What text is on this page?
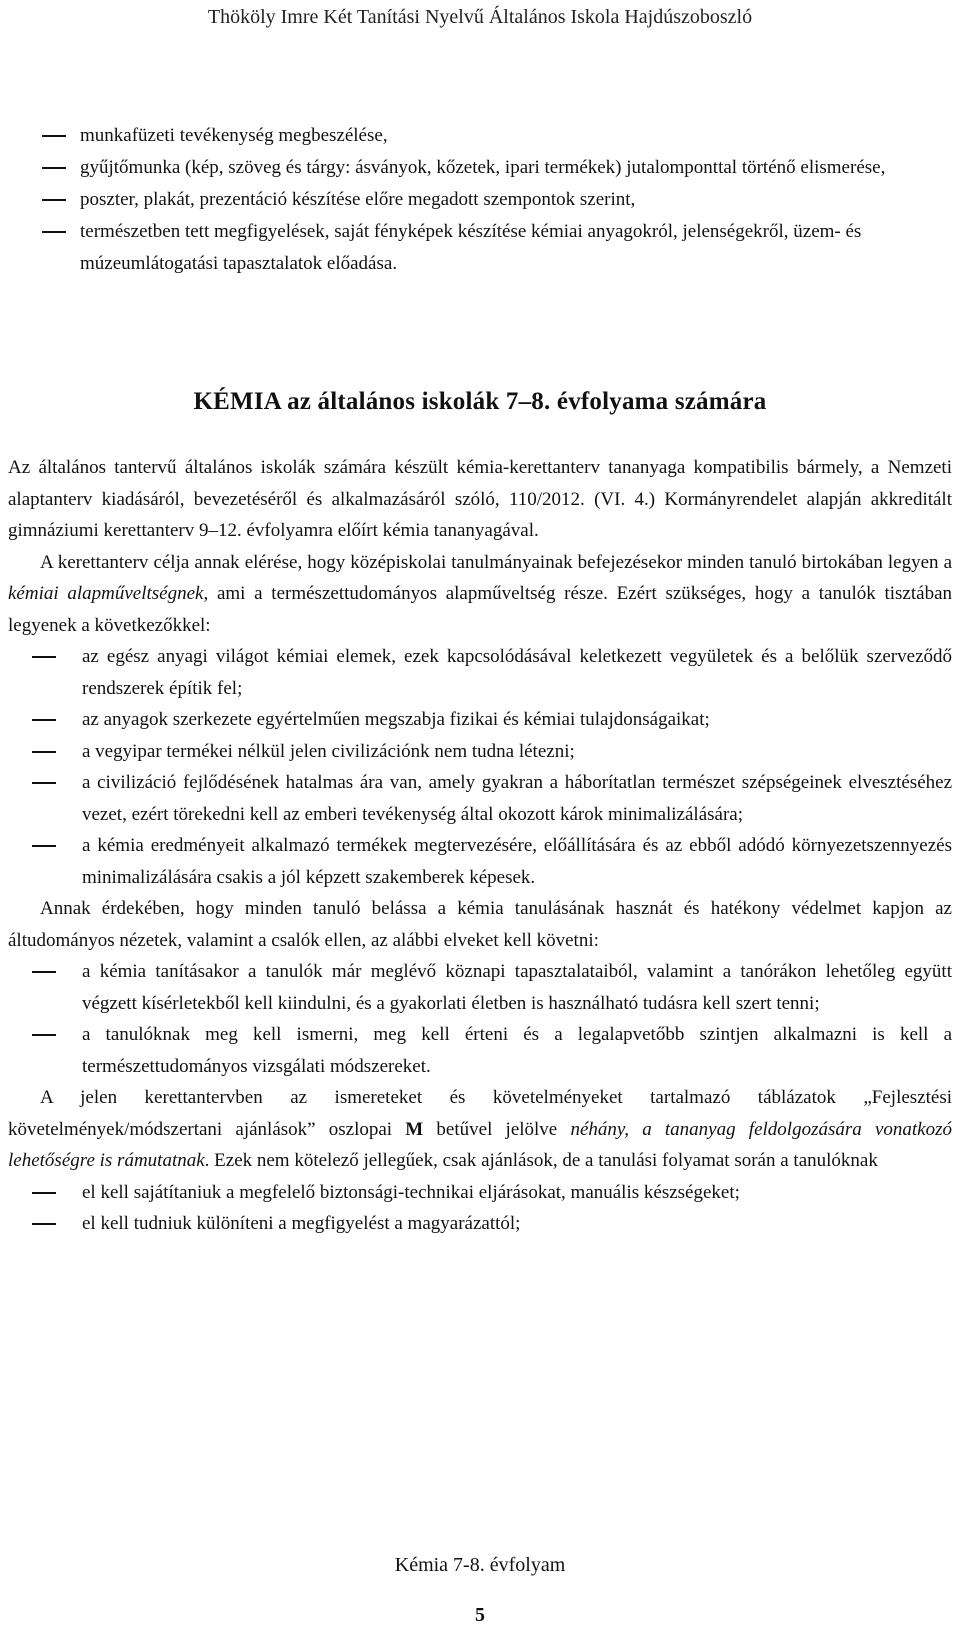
Thököly Imre Két Tanítási Nyelvű Általános Iskola Hajdúszoboszló
munkafüzeti tevékenység megbeszélése,
gyűjtőmunka (kép, szöveg és tárgy: ásványok, kőzetek, ipari termékek) jutalomponttal történő elismerése,
poszter, plakát, prezentáció készítése előre megadott szempontok szerint,
természetben tett megfigyelések, saját fényképek készítése kémiai anyagokról, jelenségekről, üzem- és múzeumlátogatási tapasztalatok előadása.
KÉMIA az általános iskolák 7–8. évfolyama számára
Az általános tantervű általános iskolák számára készült kémia-kerettanterv tananyaga kompatibilis bármely, a Nemzeti alaptanterv kiadásáról, bevezetéséről és alkalmazásáról szóló, 110/2012. (VI. 4.) Kormányrendelet alapján akkreditált gimnáziumi kerettanterv 9–12. évfolyamra előírt kémia tananyagával.
A kerettanterv célja annak elérése, hogy középiskolai tanulmányainak befejezésekor minden tanuló birtokában legyen a kémiai alapműveltségnek, ami a természettudományos alapműveltség része. Ezért szükséges, hogy a tanulók tisztában legyenek a következőkkel:
az egész anyagi világot kémiai elemek, ezek kapcsolódásával keletkezett vegyületek és a belőlük szerveződő rendszerek építik fel;
az anyagok szerkezete egyértelműen megszabja fizikai és kémiai tulajdonságaikat;
a vegyipar termékei nélkül jelen civilizációnk nem tudna létezni;
a civilizáció fejlődésének hatalmas ára van, amely gyakran a háborítatlan természet szépségeinek elvesztéséhez vezet, ezért törekedni kell az emberi tevékenység által okozott károk minimalizálására;
a kémia eredményeit alkalmazó termékek megtervezésére, előállítására és az ebből adódó környezetszennyezés minimalizálására csakis a jól képzett szakemberek képesek.
Annak érdekében, hogy minden tanuló belássa a kémia tanulásának hasznát és hatékony védelmet kapjon az áltudományos nézetek, valamint a csalók ellen, az alábbi elveket kell követni:
a kémia tanításakor a tanulók már meglévő köznapi tapasztalataiból, valamint a tanórákon lehetőleg együtt végzett kísérletekből kell kiindulni, és a gyakorlati életben is használható tudásra kell szert tenni;
a tanulóknak meg kell ismerni, meg kell érteni és a legalapvetőbb szintjen alkalmazni is kell a természettudományos vizsgálati módszereket.
A jelen kerettantervben az ismereteket és követelményeket tartalmazó táblázatok „Fejlesztési követelmények/módszertani ajánlások” oszlopai M betűvel jelölve néhány, a tananyag feldolgozására vonatkozó lehetőségre is rámutatnak. Ezek nem kötelező jellegűek, csak ajánlások, de a tanulási folyamat során a tanulóknak
el kell sajátítaniuk a megfelelő biztonsági-technikai eljárásokat, manuális készségeket;
el kell tudniuk különíteni a megfigyelést a magyarázattól;
Kémia 7-8. évfolyam
5
